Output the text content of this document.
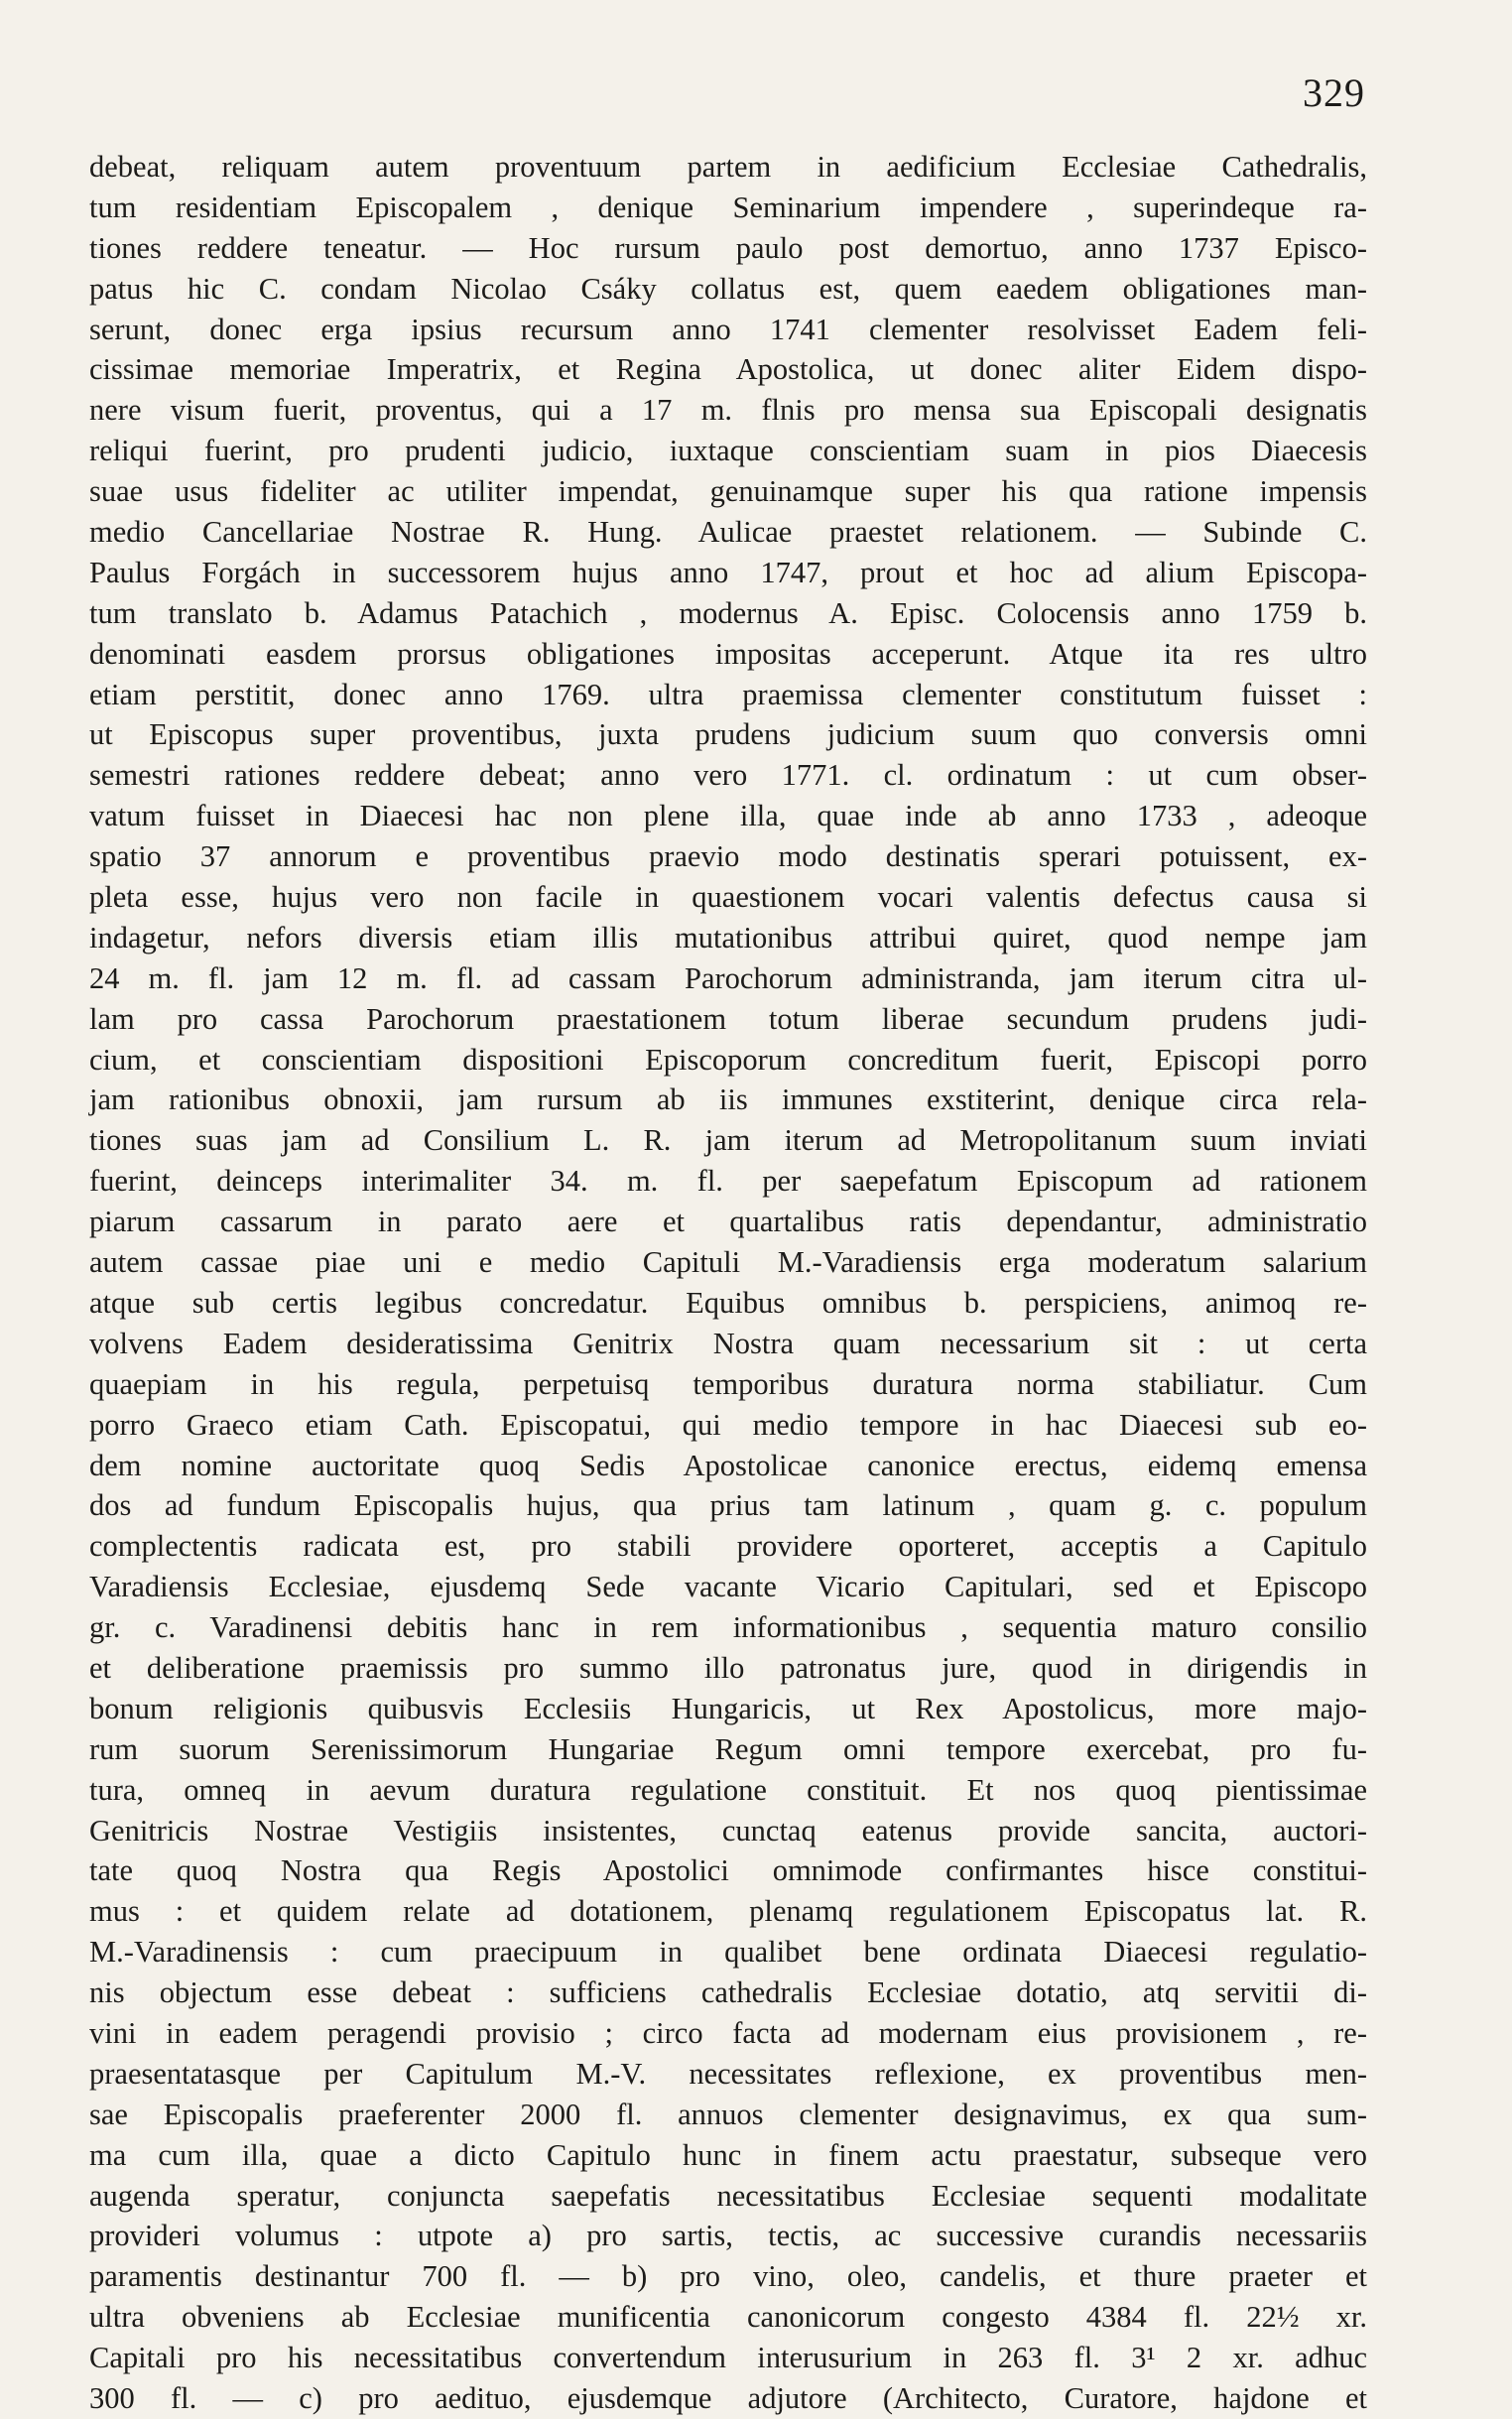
329
debeat, reliquam autem proventuum partem in aedificium Ecclesiae Cathedralis,
tum residentiam Episcopalem , denique Seminarium impendere , superindeque ra-
tiones reddere teneatur. — Hoc rursum paulo post demortuo, anno 1737 Episco-
patus hic C. condam Nicolao Csáky collatus est, quem eaedem obligationes man-
serunt, donec erga ipsius recursum anno 1741 clementer resolvisset Eadem feli-
cissimae memoriae Imperatrix, et Regina Apostolica, ut donec aliter Eidem dispo-
nere visum fuerit, proventus, qui a 17 m. flnis pro mensa sua Episcopali designatis
reliqui fuerint, pro prudenti judicio, iuxtaque conscientiam suam in pios Diaecesis
suae usus fideliter ac utiliter impendat, genuinamque super his qua ratione impensis
medio Cancellariae Nostrae R. Hung. Aulicae praestet relationem. — Subinde C.
Paulus Forgách in successorem hujus anno 1747, prout et hoc ad alium Episcopa-
tum translato b. Adamus Patachich , modernus A. Episc. Colocensis anno 1759 b.
denominati easdem prorsus obligationes impositas acceperunt. Atque ita res ultro
etiam perstitit, donec anno 1769. ultra praemissa clementer constitutum fuisset :
ut Episcopus super proventibus, juxta prudens judicium suum quo conversis omni
semestri rationes reddere debeat; anno vero 1771. cl. ordinatum : ut cum obser-
vatum fuisset in Diaecesi hac non plene illa, quae inde ab anno 1733 , adeoque
spatio 37 annorum e proventibus praevio modo destinatis sperari potuissent, ex-
pleta esse, hujus vero non facile in quaestionem vocari valentis defectus causa si
indagetur, nefors diversis etiam illis mutationibus attribui quiret, quod nempe jam
24 m. fl. jam 12 m. fl. ad cassam Parochorum administranda, jam iterum citra ul-
lam pro cassa Parochorum praestationem totum liberae secundum prudens judi-
cium, et conscientiam dispositioni Episcoporum concreditum fuerit, Episcopi porro
jam rationibus obnoxii, jam rursum ab iis immunes exstiterint, denique circa rela-
tiones suas jam ad Consilium L. R. jam iterum ad Metropolitanum suum inviati
fuerint, deinceps interimaliter 34. m. fl. per saepefatum Episcopum ad rationem
piarum cassarum in parato aere et quartalibus ratis dependantur, administratio
autem cassae piae uni e medio Capituli M.-Varadiensis erga moderatum salarium
atque sub certis legibus concredatur. Equibus omnibus b. perspiciens, animoq re-
volvens Eadem desideratissima Genitrix Nostra quam necessarium sit : ut certa
quaepiam in his regula, perpetuisq temporibus duratura norma stabiliatur. Cum
porro Graeco etiam Cath. Episcopatui, qui medio tempore in hac Diaecesi sub eo-
dem nomine auctoritate quoq Sedis Apostolicae canonice erectus, eidemq emensa
dos ad fundum Episcopalis hujus, qua prius tam latinum , quam g. c. populum
complectentis radicata est, pro stabili providere oporteret, acceptis a Capitulo
Varadiensis Ecclesiae, ejusdemq Sede vacante Vicario Capitulari, sed et Episcopo
gr. c. Varadinensi debitis hanc in rem informationibus , sequentia maturo consilio
et deliberatione praemissis pro summo illo patronatus jure, quod in dirigendis in
bonum religionis quibusvis Ecclesiis Hungaricis, ut Rex Apostolicus, more majo-
rum suorum Serenissimorum Hungariae Regum omni tempore exercebat, pro fu-
tura, omneq in aevum duratura regulatione constituit. Et nos quoq pientissimae
Genitricis Nostrae Vestigiis insistentes, cunctaq eatenus provide sancita, auctori-
tate quoq Nostra qua Regis Apostolici omnimode confirmantes hisce constitui-
mus : et quidem relate ad dotationem, plenamq regulationem Episcopatus lat. R.
M.-Varadinensis : cum praecipuum in qualibet bene ordinata Diaecesi regulatio-
nis objectum esse debeat : sufficiens cathedralis Ecclesiae dotatio, atq servitii di-
vini in eadem peragendi provisio ; circo facta ad modernam eius provisionem , re-
praesentatasque per Capitulum M.-V. necessitates reflexione, ex proventibus men-
sae Episcopalis praeferenter 2000 fl. annuos clementer designavimus, ex qua sum-
ma cum illa, quae a dicto Capitulo hunc in finem actu praestatur, subseque vero
augenda speratur, conjuncta saepefatis necessitatibus Ecclesiae sequenti modalitate
provideri volumus : utpote a) pro sartis, tectis, ac successive curandis necessariis
paramentis destinantur 700 fl. — b) pro vino, oleo, candelis, et thure praeter et
ultra obveniens ab Ecclesiae munificentia canonicorum congesto 4384 fl. 22½ xr.
Capitali pro his necessitatibus convertendum interusurium in 263 fl. 3¹ 2 xr. adhuc
300 fl. — c) pro aedituo, ejusdemque adjutore (Architecto, Curatore, hajdone et
